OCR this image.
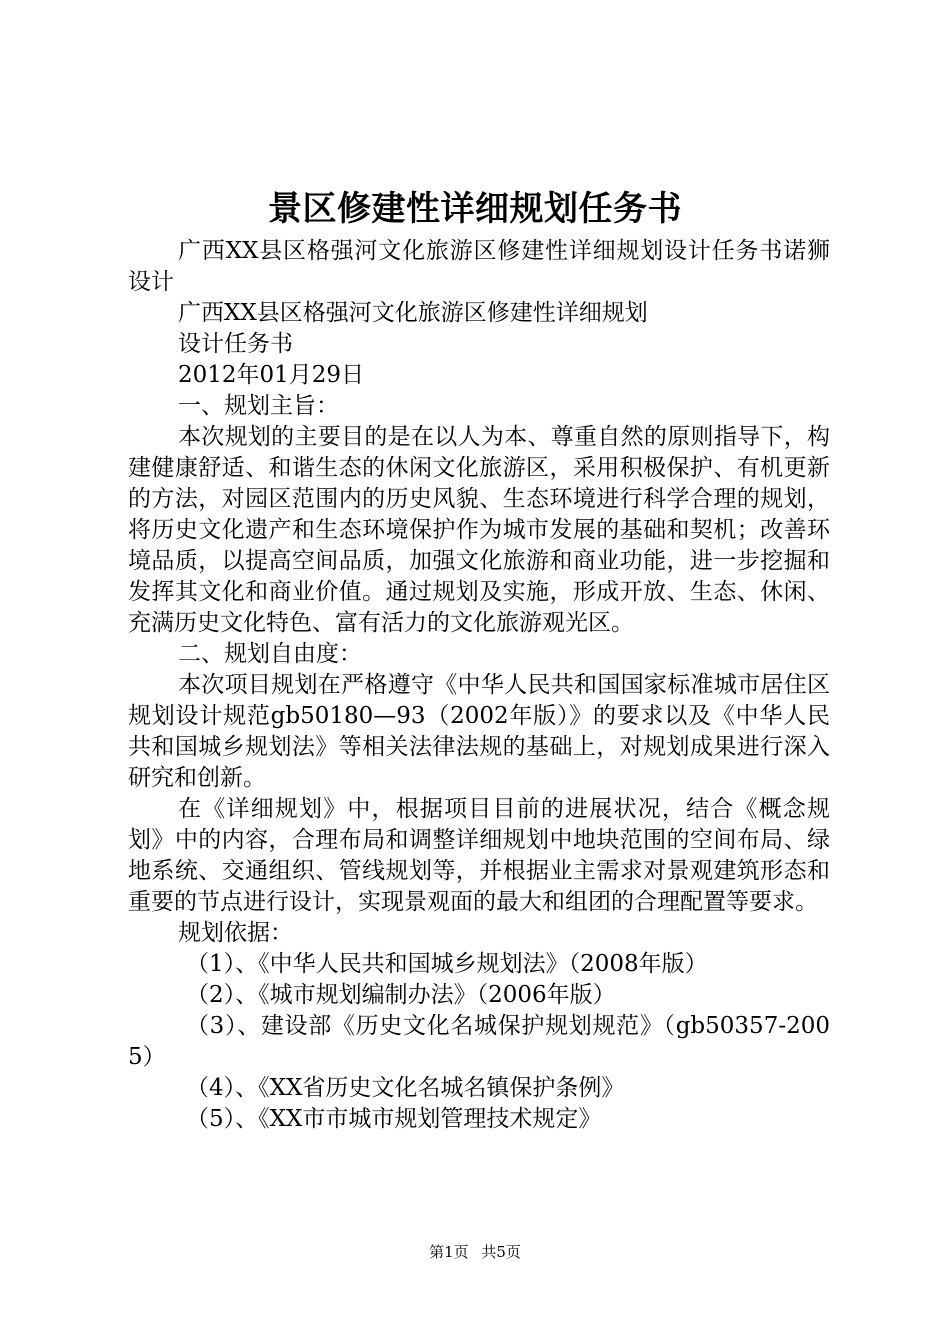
景区修建性详细规划任务书

广西XX县区格强河文化旅游区修建性详细规划设计任务书诺狮设计

广西XX县区格强河文化旅游区修建性详细规划

设计任务书

2012年01月29日

一、规划主旨：

本次规划的主要目的是在以人为本、尊重自然的原则指导下，构建健康舒适、和谐生态的休闲文化旅游区，采用积极保护、有机更新的方法，对园区范围内的历史风貌、生态环境进行科学合理的规划，将历史文化遗产和生态环境保护作为城市发展的基础和契机；改善环境品质，以提高空间品质，加强文化旅游和商业功能，进一步挖掘和发挥其文化和商业价值。通过规划及实施，形成开放、生态、休闲、充满历史文化特色、富有活力的文化旅游观光区。

二、规划自由度：

本次项目规划在严格遵守《中华人民共和国国家标准城市居住区规划设计规范gb50180—93（2002年版）》的要求以及《中华人民共和国城乡规划法》等相关法律法规的基础上，对规划成果进行深入研究和创新。

在《详细规划》中，根据项目目前的进展状况，结合《概念规划》中的内容，合理布局和调整详细规划中地块范围的空间布局、绿地系统、交通组织、管线规划等，并根据业主需求对景观建筑形态和重要的节点进行设计，实现景观面的最大和组团的合理配置等要求。

规划依据：

（1）、《中华人民共和国城乡规划法》（2008年版）

（2）、《城市规划编制办法》（2006年版）

（3）、建设部《历史文化名城保护规划规范》（gb50357-2005）

（4）、《XX省历史文化名城名镇保护条例》

（5）、《XX市市城市规划管理技术规定》

第1页 共5页
